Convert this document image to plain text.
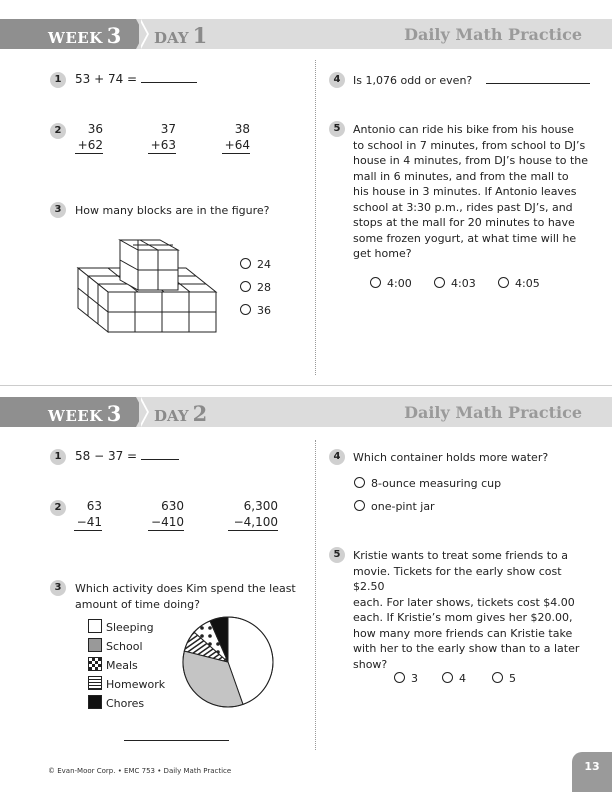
WEEK 3 DAY 1	Daily Math Practice
1	53 + 74 =
2	36
+62
37
+63
38
+64
3	How many blocks are in the figure?
24
28
36
4	Is 1,076 odd or even?
5	Antonio can ride his bike from his house
to school in 7 minutes, from school to DJ’s
house in 4 minutes, from DJ’s house to the
mall in 6 minutes, and from the mall to
his house in 3 minutes. If Antonio leaves
school at 3:30 p.m., rides past DJ’s, and
stops at the mall for 20 minutes to have
some frozen yogurt, at what time will he
get home?
4:00	4:03	4:05
WEEK 3 DAY 2	Daily Math Practice
1	58 − 37 =
2	63
−41
630
−410
6,300
−4,100
3	Which activity does Kim spend the least
amount of time doing?
Sleeping
School
Meals
Homework
Chores
4	Which container holds more water?
8-ounce measuring cup
one-pint jar
5	Kristie wants to treat some friends to a
movie. Tickets for the early show cost $2.50
each. For later shows, tickets cost $4.00
each. If Kristie’s mom gives her $20.00,
how many more friends can Kristie take
with her to the early show than to a later
show?
3	4	5
© Evan-Moor Corp. • EMC 753 • Daily Math Practice	13
